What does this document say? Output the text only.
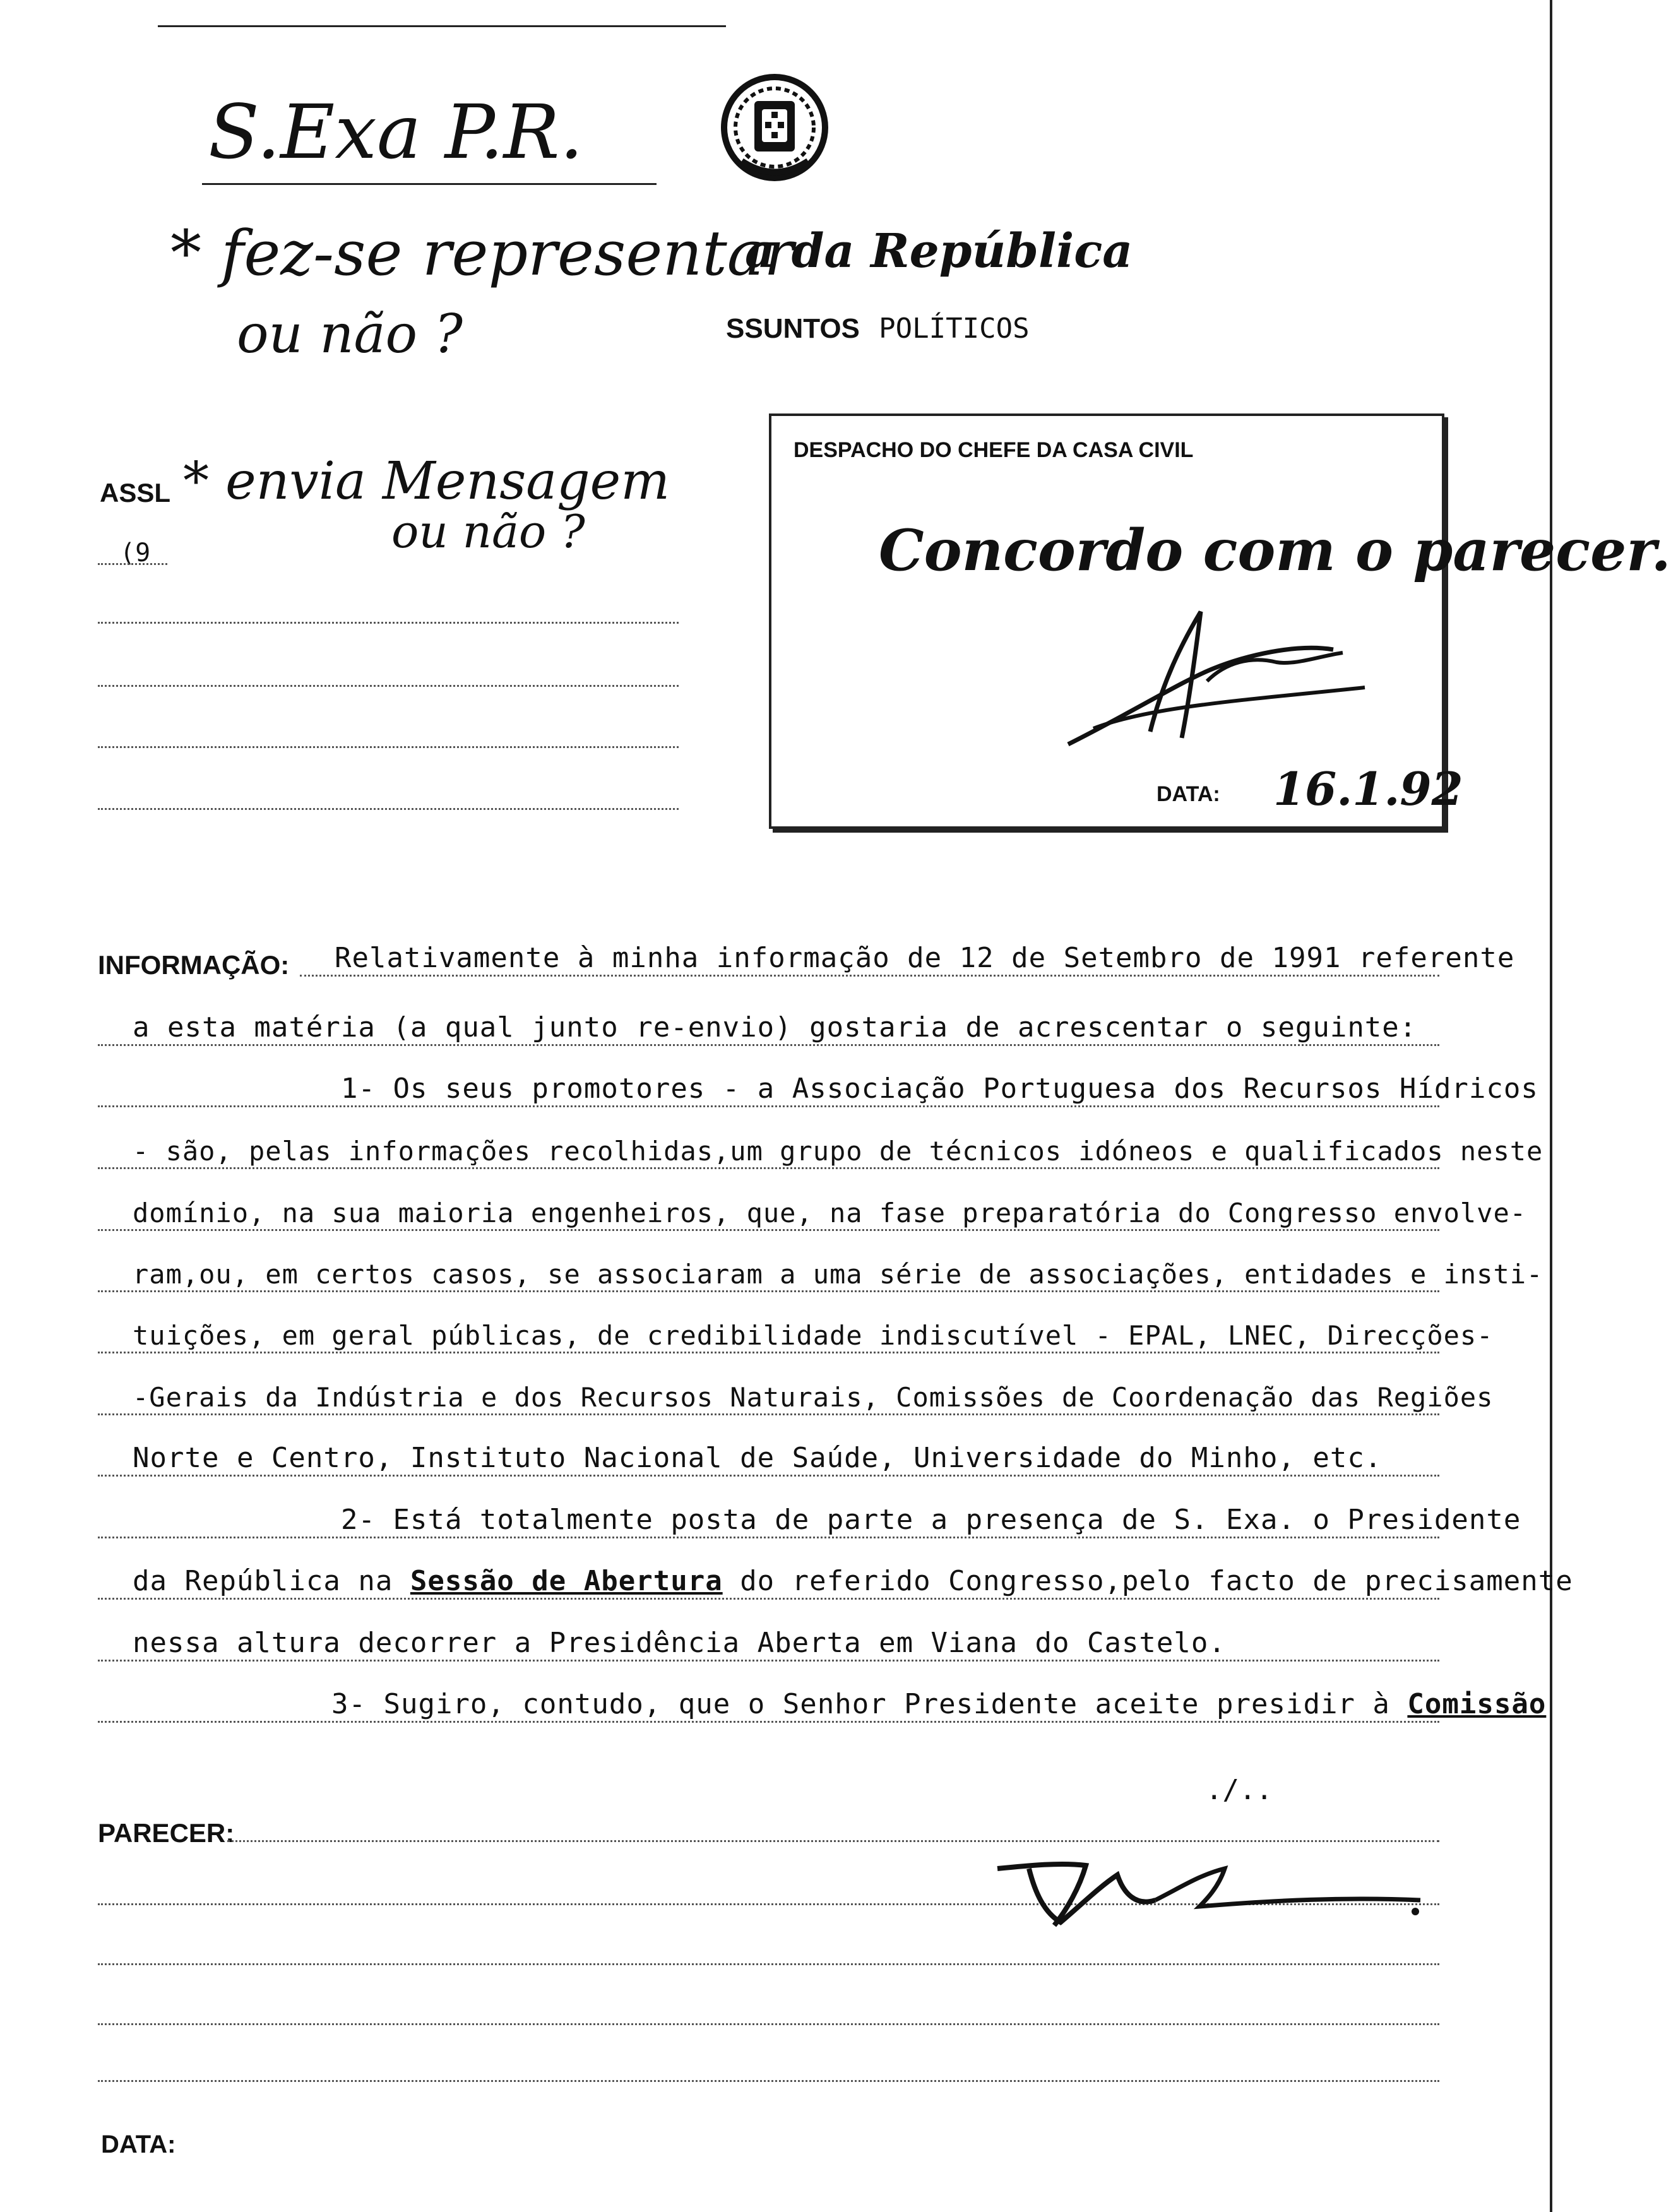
S.Exa P.R.
* fez-se representar
a da República
ou não ?	SSUNTOS POLÍTICOS
ASSL * envia Mensagem
ou não ?
(9
DESPACHO DO CHEFE DA CASA CIVIL
Concordo com o parecer.
DATA: 16.1.92
INFORMAÇÃO: Relativamente à minha informação de 12 de Setembro de 1991 referente
a esta matéria (a qual junto re-envio) gostaria de acrescentar o seguinte:
1- Os seus promotores - a Associação Portuguesa dos Recursos Hídricos
- são, pelas informações recolhidas,um grupo de técnicos idóneos e qualificados neste
domínio, na sua maioria engenheiros, que, na fase preparatória do Congresso envolve-
ram,ou, em certos casos, se associaram a uma série de associações, entidades e insti-
tuições, em geral públicas, de credibilidade indiscutível - EPAL, LNEC, Direcções-
-Gerais da Indústria e dos Recursos Naturais, Comissões de Coordenação das Regiões
Norte e Centro, Instituto Nacional de Saúde, Universidade do Minho, etc.
2- Está totalmente posta de parte a presença de S. Exa. o Presidente
da República na Sessão de Abertura do referido Congresso,pelo facto de precisamente
nessa altura decorrer a Presidência Aberta em Viana do Castelo.
3- Sugiro, contudo, que o Senhor Presidente aceite presidir à Comissão
./..
PARECER:
DATA:
